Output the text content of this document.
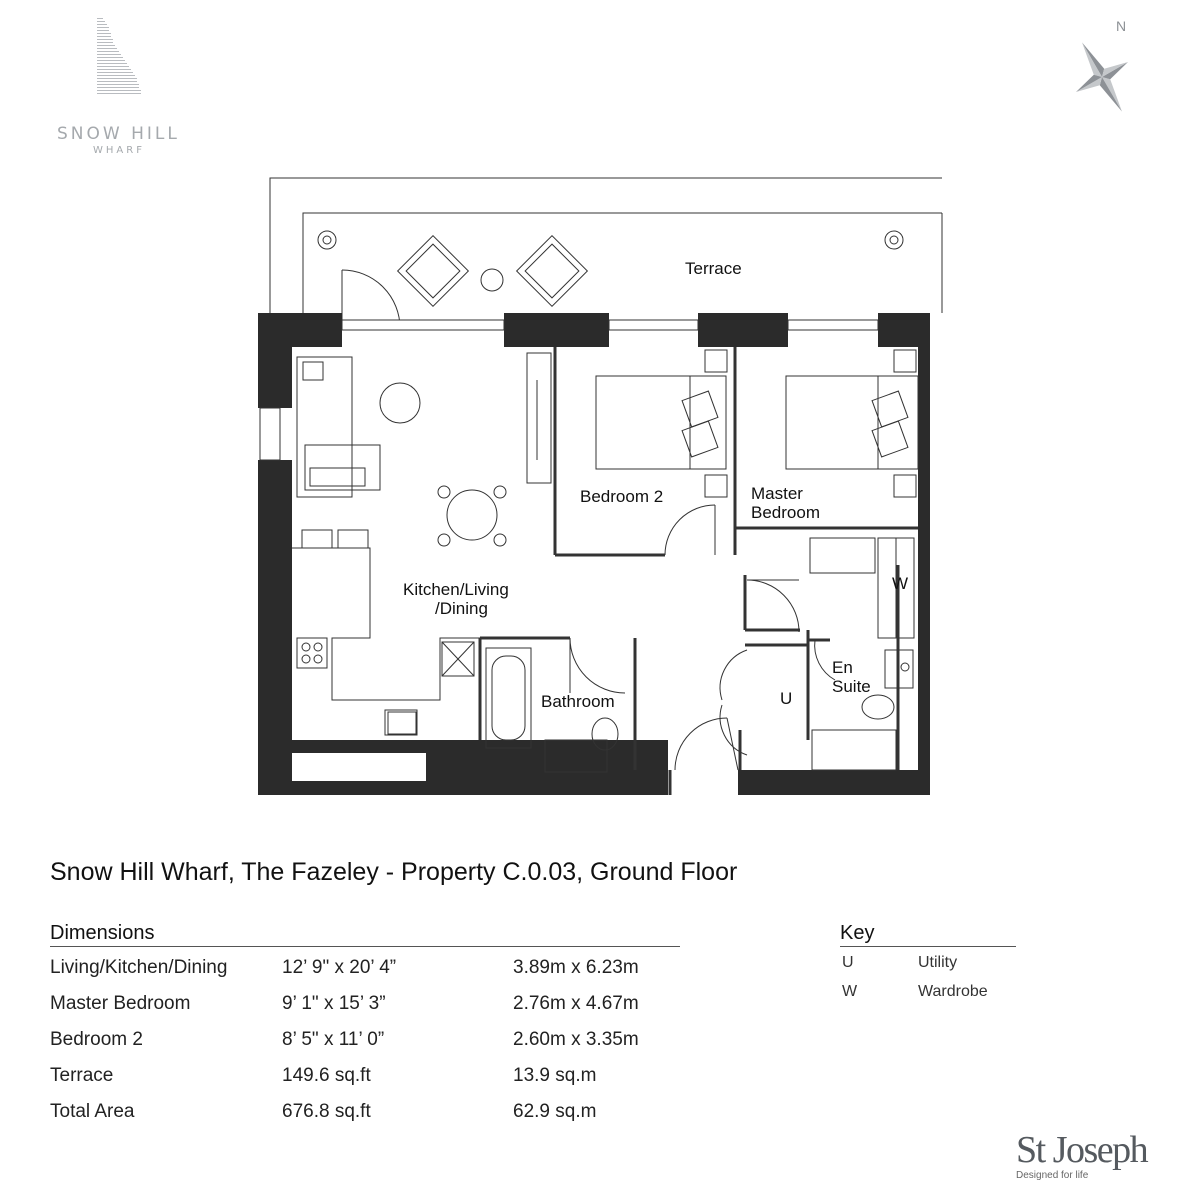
SNOW HILL
WHARF
N
Terrace
Kitchen/Living
/Dining
Bedroom 2	Master
Bedroom
W
U
En
Suite
Bathroom
Snow Hill Wharf, The Fazeley - Property C.0.03, Ground Floor
Dimensions
Living/Kitchen/Dining	12’ 9" x 20’ 4”	3.89m x 6.23m
Master Bedroom	9’ 1" x 15’ 3”	2.76m x 4.67m
Bedroom 2	8’ 5" x 11’ 0”	2.60m x 3.35m
Terrace	149.6 sq.ft	13.9 sq.m
Total Area	676.8 sq.ft	62.9 sq.m
Key
U	Utility
W	Wardrobe
St Joseph
Designed for life
